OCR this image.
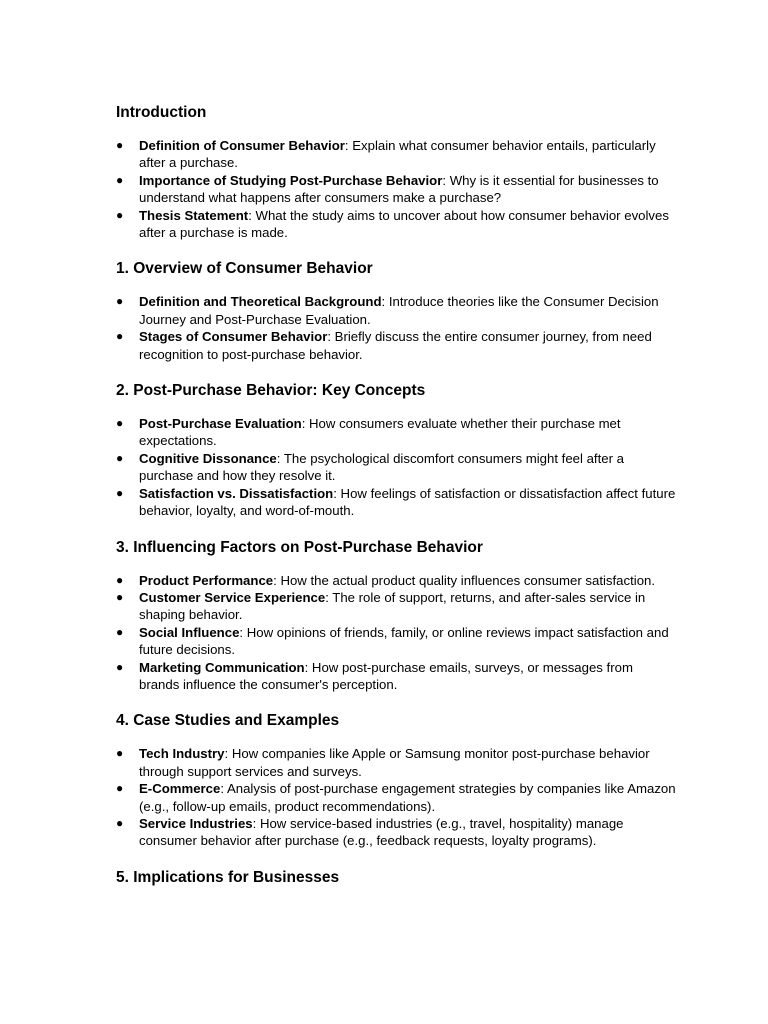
Introduction
● Definition of Consumer Behavior: Explain what consumer behavior entails, particularly after a purchase.
● Importance of Studying Post-Purchase Behavior: Why is it essential for businesses to understand what happens after consumers make a purchase?
● Thesis Statement: What the study aims to uncover about how consumer behavior evolves after a purchase is made.
1. Overview of Consumer Behavior
● Definition and Theoretical Background: Introduce theories like the Consumer Decision Journey and Post-Purchase Evaluation.
● Stages of Consumer Behavior: Briefly discuss the entire consumer journey, from need recognition to post-purchase behavior.
2. Post-Purchase Behavior: Key Concepts
● Post-Purchase Evaluation: How consumers evaluate whether their purchase met expectations.
● Cognitive Dissonance: The psychological discomfort consumers might feel after a purchase and how they resolve it.
● Satisfaction vs. Dissatisfaction: How feelings of satisfaction or dissatisfaction affect future behavior, loyalty, and word-of-mouth.
3. Influencing Factors on Post-Purchase Behavior
● Product Performance: How the actual product quality influences consumer satisfaction.
● Customer Service Experience: The role of support, returns, and after-sales service in shaping behavior.
● Social Influence: How opinions of friends, family, or online reviews impact satisfaction and future decisions.
● Marketing Communication: How post-purchase emails, surveys, or messages from brands influence the consumer's perception.
4. Case Studies and Examples
● Tech Industry: How companies like Apple or Samsung monitor post-purchase behavior through support services and surveys.
● E-Commerce: Analysis of post-purchase engagement strategies by companies like Amazon (e.g., follow-up emails, product recommendations).
● Service Industries: How service-based industries (e.g., travel, hospitality) manage consumer behavior after purchase (e.g., feedback requests, loyalty programs).
5. Implications for Businesses
